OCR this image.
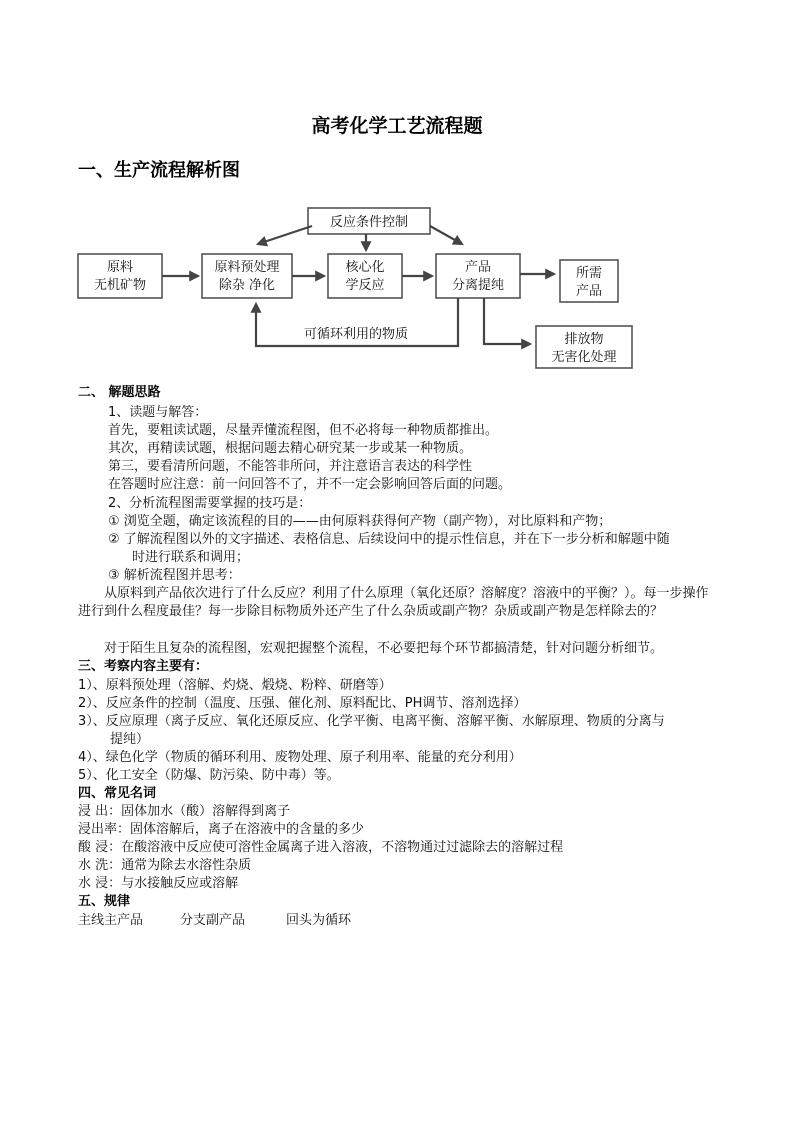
高考化学工艺流程题
一、生产流程解析图
反应条件控制
原料
无机矿物
原料预处理
除杂 净化
核心化
学反应
产品
分离提纯
所需
产品
排放物
无害化处理
可循环利用的物质
二、 解题思路
1、读题与解答：
首先，要粗读试题，尽量弄懂流程图，但不必将每一种物质都推出。
其次，再精读试题，根据问题去精心研究某一步或某一种物质。
第三，要看清所问题，不能答非所问，并注意语言表达的科学性
在答题时应注意：前一问回答不了，并不一定会影响回答后面的问题。
2、分析流程图需要掌握的技巧是：
① 浏览全题，确定该流程的目的——由何原料获得何产物（副产物），对比原料和产物；
② 了解流程图以外的文字描述、表格信息、后续设问中的提示性信息，并在下一步分析和解题中随
时进行联系和调用；
③ 解析流程图并思考：
从原料到产品依次进行了什么反应？利用了什么原理（氧化还原？溶解度？溶液中的平衡？）。每一步操作进行到什么程度最佳？每一步除目标物质外还产生了什么杂质或副产物？杂质或副产物是怎样除去的？
对于陌生且复杂的流程图，宏观把握整个流程，不必要把每个环节都搞清楚，针对问题分析细节。
三、考察内容主要有：
1）、原料预处理（溶解、灼烧、煅烧、粉粹、研磨等）
2）、反应条件的控制（温度、压强、催化剂、原料配比、PH调节、溶剂选择）
3）、反应原理（离子反应、氧化还原反应、化学平衡、电离平衡、溶解平衡、水解原理、物质的分离与
提纯）
4）、绿色化学（物质的循环利用、废物处理、原子利用率、能量的充分利用）
5）、化工安全（防爆、防污染、防中毒）等。
四、常见名词
浸 出：固体加水（酸）溶解得到离子
浸出率：固体溶解后，离子在溶液中的含量的多少
酸 浸：在酸溶液中反应使可溶性金属离子进入溶液，不溶物通过过滤除去的溶解过程
水 洗：通常为除去水溶性杂质
水 浸：与水接触反应或溶解
五、规律
主线主产品	分支副产品	回头为循环
